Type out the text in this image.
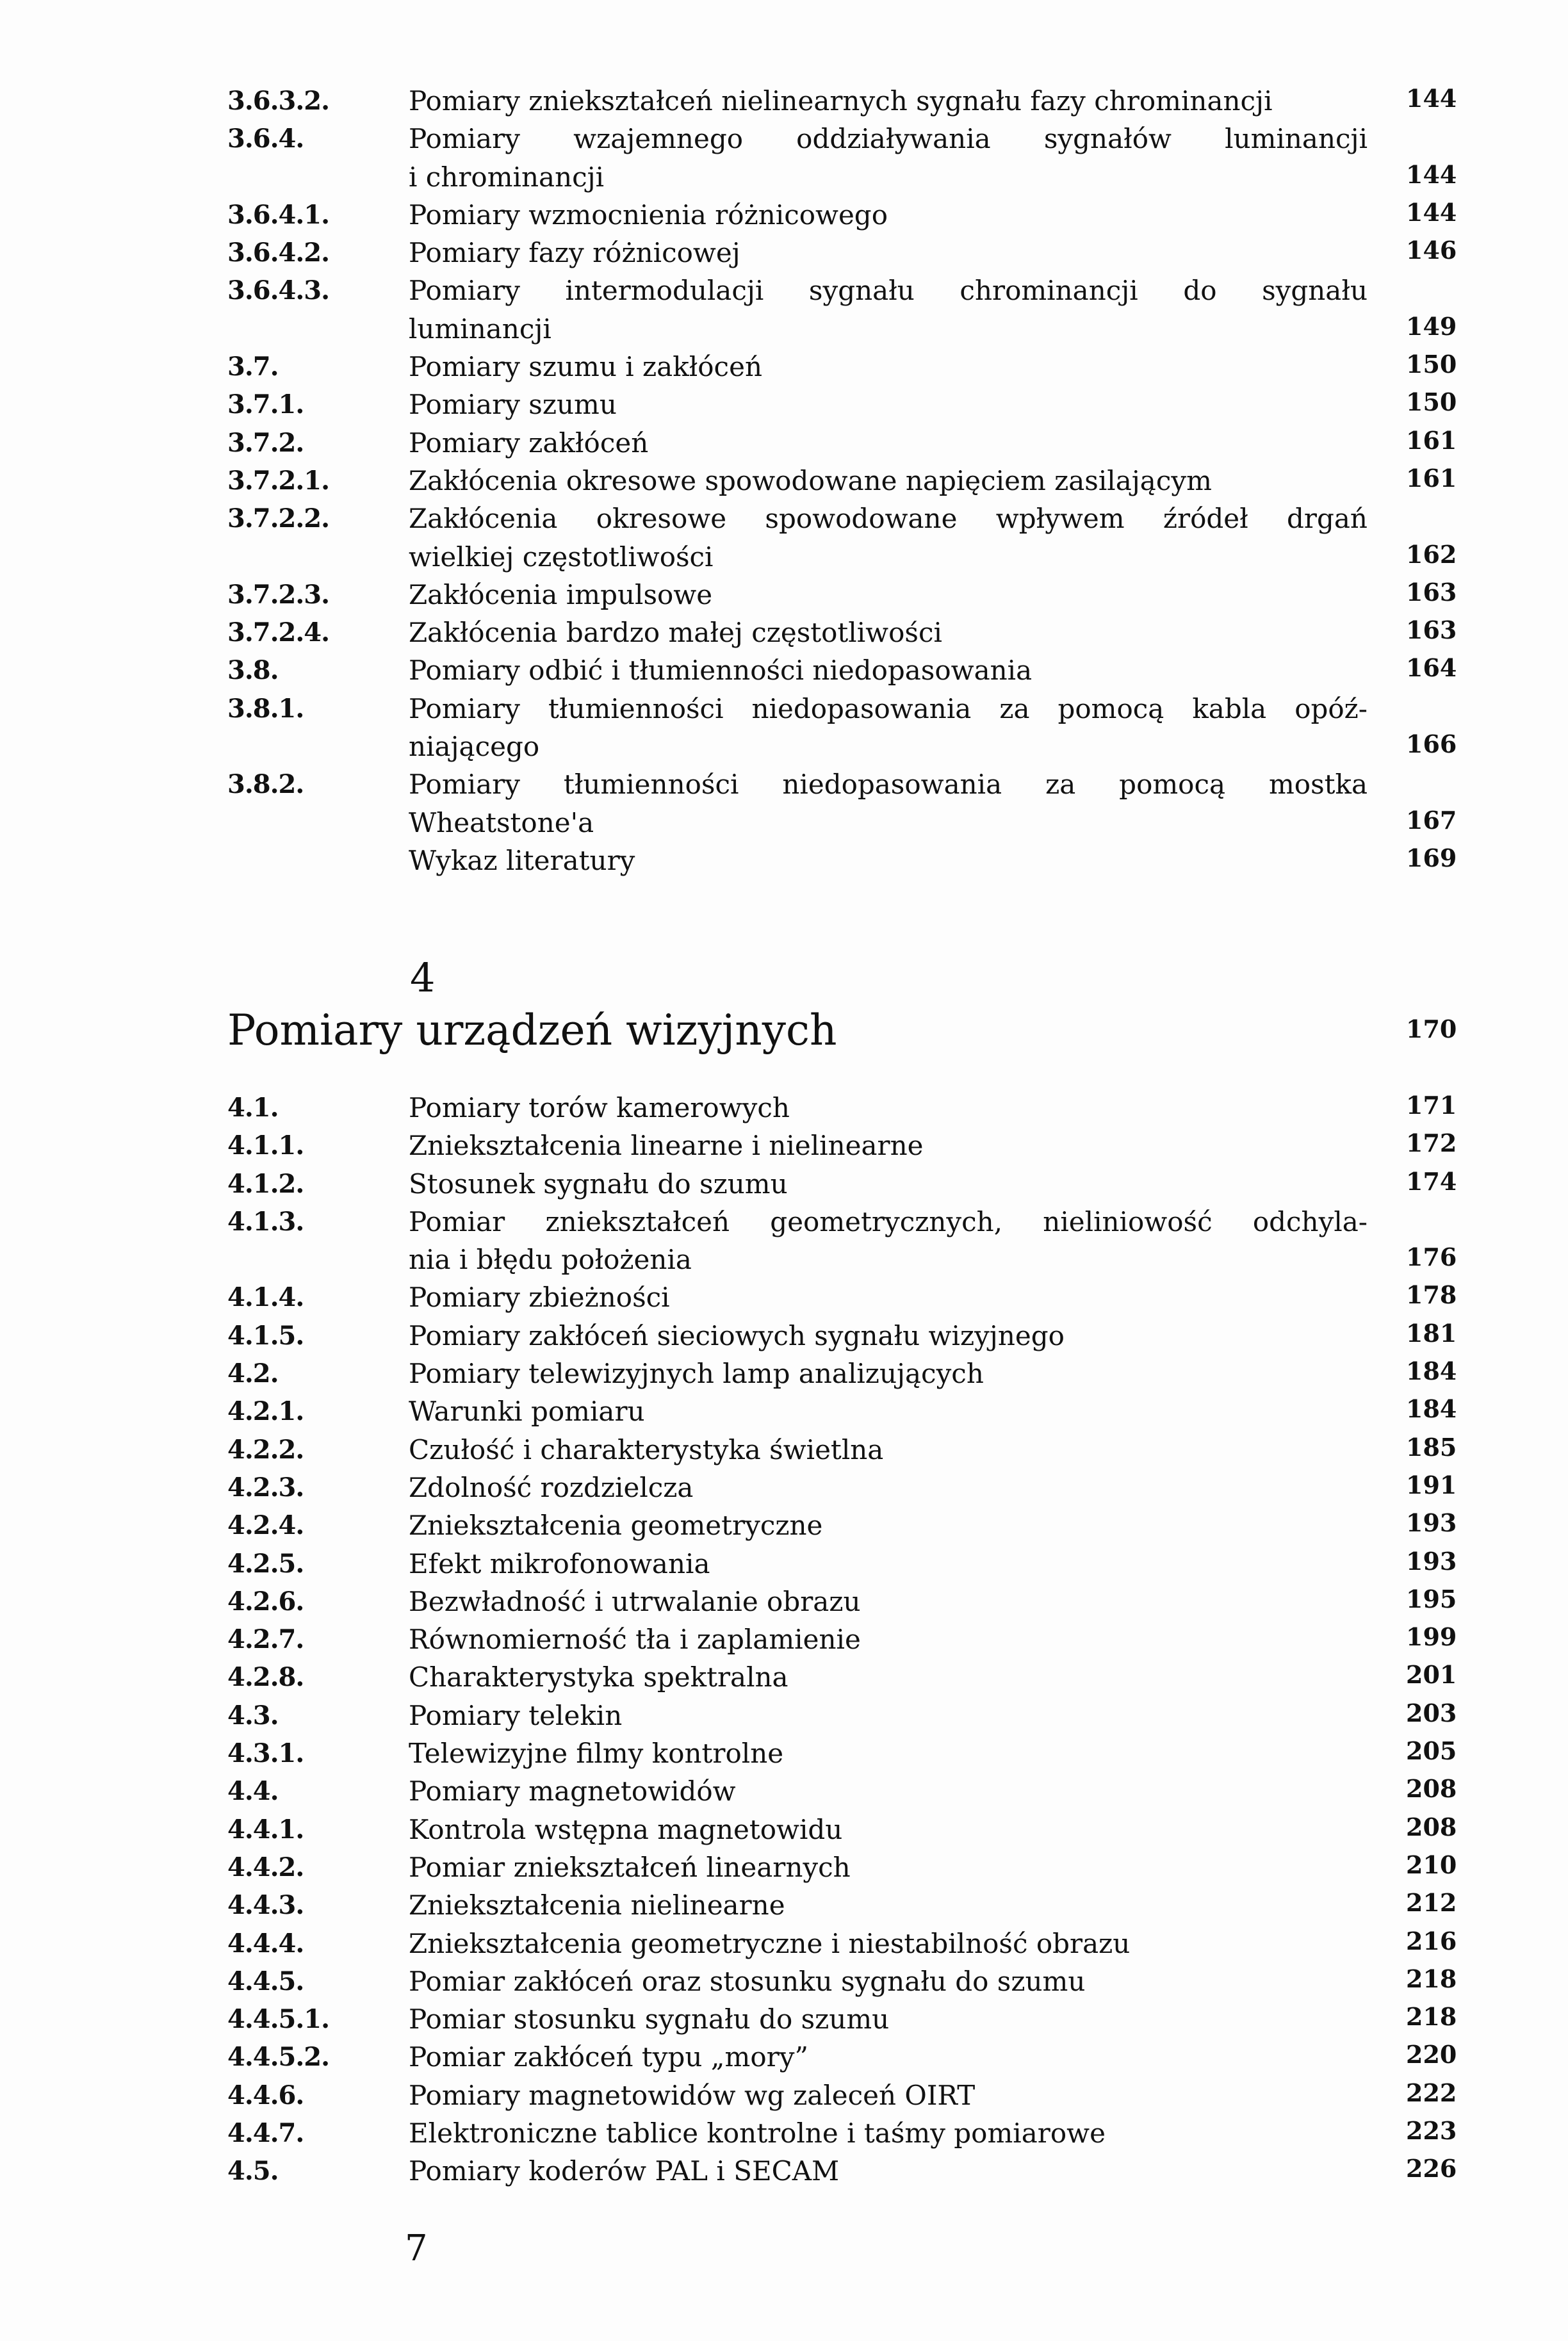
3.6.3.2.	Pomiary zniekształceń nielinearnych sygnału fazy chrominancji	144
3.6.4.	Pomiary wzajemnego oddziaływania sygnałów luminancji
i chrominancji	144
3.6.4.1.	Pomiary wzmocnienia różnicowego	144
3.6.4.2.	Pomiary fazy różnicowej	146
3.6.4.3.	Pomiary intermodulacji sygnału chrominancji do sygnału
luminancji	149
3.7.	Pomiary szumu i zakłóceń	150
3.7.1.	Pomiary szumu	150
3.7.2.	Pomiary zakłóceń	161
3.7.2.1.	Zakłócenia okresowe spowodowane napięciem zasilającym	161
3.7.2.2.	Zakłócenia okresowe spowodowane wpływem źródeł drgań
wielkiej częstotliwości	162
3.7.2.3.	Zakłócenia impulsowe	163
3.7.2.4.	Zakłócenia bardzo małej częstotliwości	163
3.8.	Pomiary odbić i tłumienności niedopasowania	164
3.8.1.	Pomiary tłumienności niedopasowania za pomocą kabla opóź-
niającego	166
3.8.2.	Pomiary tłumienności niedopasowania za pomocą mostka
Wheatstone'a	167
Wykaz literatury	169
4
Pomiary urządzeń wizyjnych	170
4.1.	Pomiary torów kamerowych	171
4.1.1.	Zniekształcenia linearne i nielinearne	172
4.1.2.	Stosunek sygnału do szumu	174
4.1.3.	Pomiar zniekształceń geometrycznych, nieliniowość odchyla-
nia i błędu położenia	176
4.1.4.	Pomiary zbieżności	178
4.1.5.	Pomiary zakłóceń sieciowych sygnału wizyjnego	181
4.2.	Pomiary telewizyjnych lamp analizujących	184
4.2.1.	Warunki pomiaru	184
4.2.2.	Czułość i charakterystyka świetlna	185
4.2.3.	Zdolność rozdzielcza	191
4.2.4.	Zniekształcenia geometryczne	193
4.2.5.	Efekt mikrofonowania	193
4.2.6.	Bezwładność i utrwalanie obrazu	195
4.2.7.	Równomierność tła i zaplamienie	199
4.2.8.	Charakterystyka spektralna	201
4.3.	Pomiary telekin	203
4.3.1.	Telewizyjne filmy kontrolne	205
4.4.	Pomiary magnetowidów	208
4.4.1.	Kontrola wstępna magnetowidu	208
4.4.2.	Pomiar zniekształceń linearnych	210
4.4.3.	Zniekształcenia nielinearne	212
4.4.4.	Zniekształcenia geometryczne i niestabilność obrazu	216
4.4.5.	Pomiar zakłóceń oraz stosunku sygnału do szumu	218
4.4.5.1.	Pomiar stosunku sygnału do szumu	218
4.4.5.2.	Pomiar zakłóceń typu „mory”	220
4.4.6.	Pomiary magnetowidów wg zaleceń OIRT	222
4.4.7.	Elektroniczne tablice kontrolne i taśmy pomiarowe	223
4.5.	Pomiary koderów PAL i SECAM	226
7
